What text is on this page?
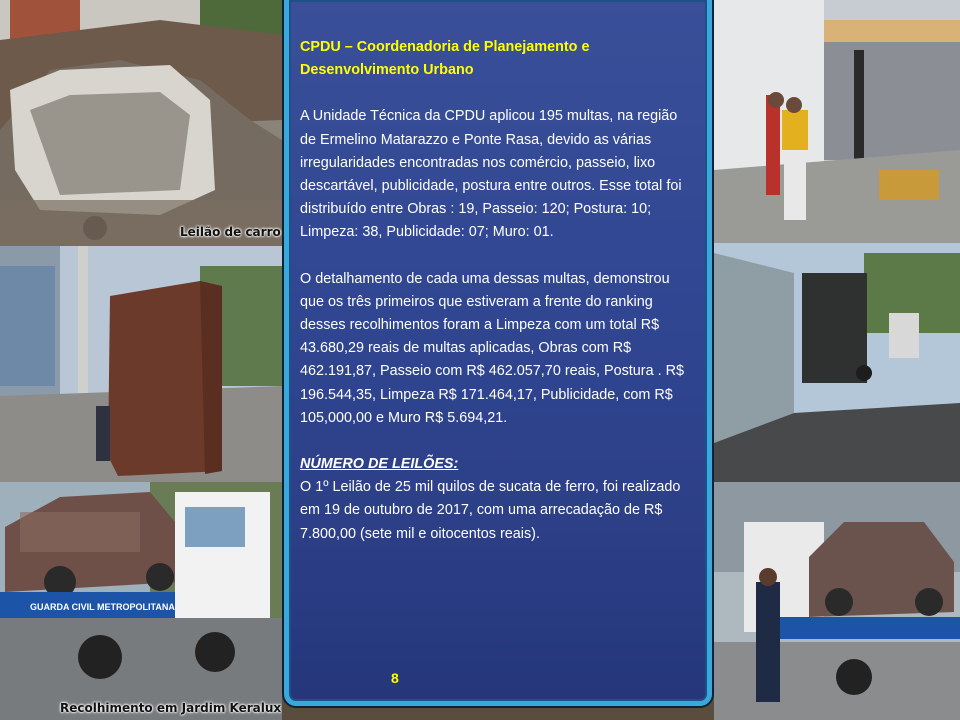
Leilão de carro
GUARDA CIVIL METROPOLITANA
Recolhimento em Jardim Keralux

CPDU – Coordenadoria de Planejamento e Desenvolvimento Urbano

A Unidade Técnica da CPDU aplicou 195 multas, na região de Ermelino Matarazzo e Ponte Rasa, devido as várias irregularidades encontradas nos comércio, passeio, lixo descartável, publicidade, postura entre outros. Esse total foi distribuído entre Obras : 19, Passeio: 120; Postura: 10; Limpeza: 38, Publicidade: 07; Muro: 01.

O detalhamento de cada uma dessas multas, demonstrou que os três primeiros que estiveram a frente do ranking desses recolhimentos foram a Limpeza com um total R$ 43.680,29 reais de multas aplicadas, Obras com R$ 462.191,87, Passeio com R$ 462.057,70 reais, Postura . R$ 196.544,35, Limpeza R$ 171.464,17, Publicidade, com R$ 105,000,00 e Muro R$ 5.694,21.

NÚMERO DE LEILÕES:

O 1º Leilão de 25 mil quilos de sucata de ferro, foi realizado em 19 de outubro de 2017, com uma arrecadação de R$ 7.800,00 (sete mil e oitocentos reais).

8
